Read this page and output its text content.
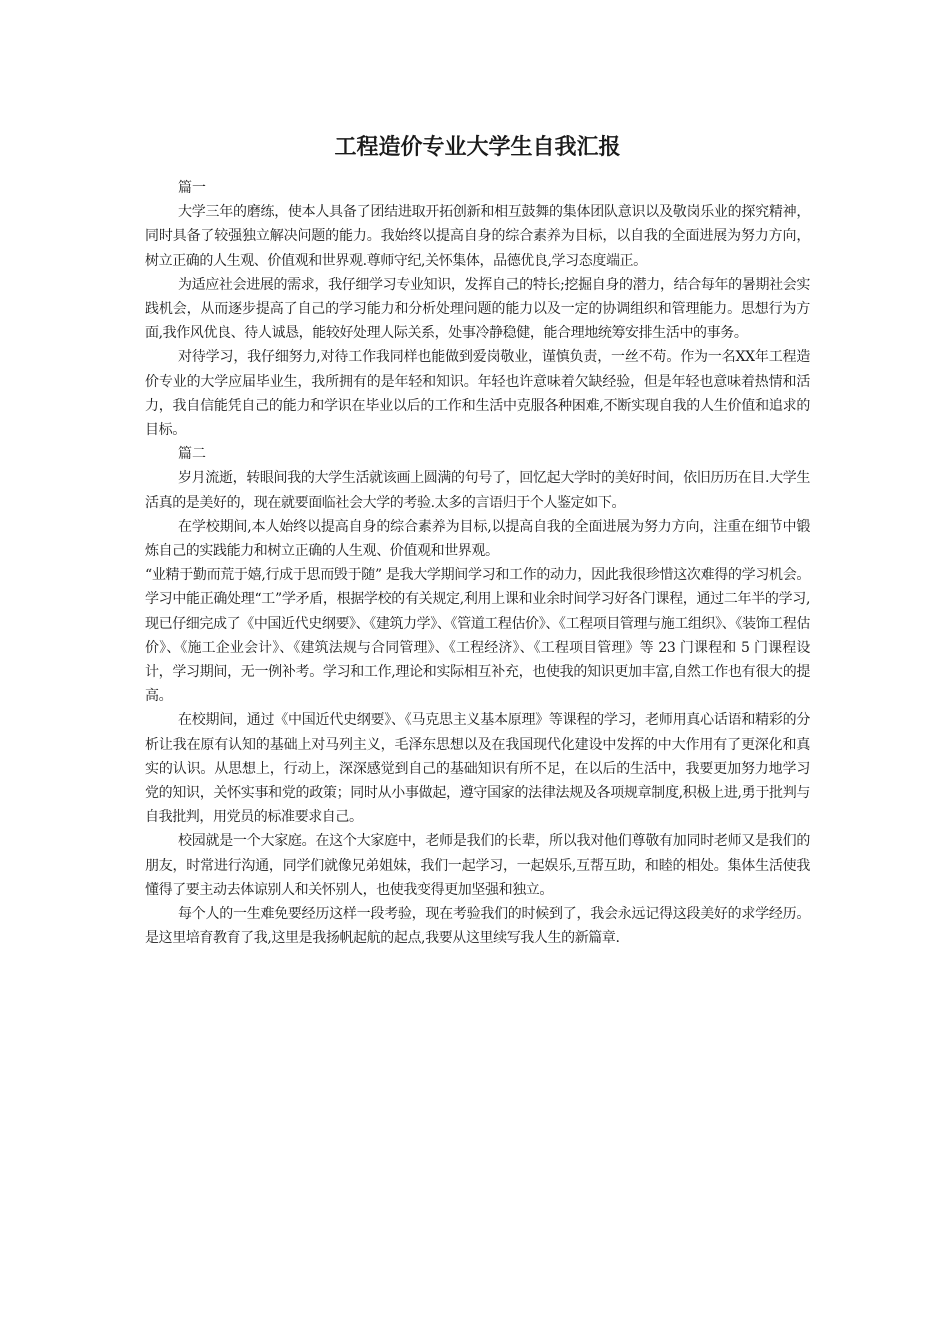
工程造价专业大学生自我汇报

篇一

大学三年的磨练，使本人具备了团结进取开拓创新和相互鼓舞的集体团队意识以及敬岗乐业的探究精神，同时具备了较强独立解决问题的能力。我始终以提高自身的综合素养为目标，以自我的全面进展为努力方向，树立正确的人生观、价值观和世界观.尊师守纪,关怀集体，品德优良,学习态度端正。

为适应社会进展的需求，我仔细学习专业知识，发挥自己的特长;挖掘自身的潜力，结合每年的暑期社会实践机会，从而逐步提高了自己的学习能力和分析处理问题的能力以及一定的协调组织和管理能力。思想行为方面,我作风优良、待人诚恳，能较好处理人际关系，处事冷静稳健，能合理地统筹安排生活中的事务。

对待学习，我仔细努力,对待工作我同样也能做到爱岗敬业，谨慎负责，一丝不苟。作为一名XX年工程造价专业的大学应届毕业生，我所拥有的是年轻和知识。年轻也许意味着欠缺经验，但是年轻也意味着热情和活力，我自信能凭自己的能力和学识在毕业以后的工作和生活中克服各种困难,不断实现自我的人生价值和追求的目标。

篇二

岁月流逝，转眼间我的大学生活就该画上圆满的句号了，回忆起大学时的美好时间，依旧历历在目.大学生活真的是美好的，现在就要面临社会大学的考验.太多的言语归于个人鉴定如下。

在学校期间,本人始终以提高自身的综合素养为目标,以提高自我的全面进展为努力方向，注重在细节中锻炼自己的实践能力和树立正确的人生观、价值观和世界观。

“业精于勤而荒于嬉,行成于思而毁于随” 是我大学期间学习和工作的动力，因此我很珍惜这次难得的学习机会。学习中能正确处理“工”学矛盾，根据学校的有关规定,利用上课和业余时间学习好各门课程，通过二年半的学习,现已仔细完成了《中国近代史纲要》、《建筑力学》、《管道工程估价》、《工程项目管理与施工组织》、《装饰工程估价》、《施工企业会计》、《建筑法规与合同管理》、《工程经济》、《工程项目管理》等 23 门课程和 5 门课程设计，学习期间，无一例补考。学习和工作,理论和实际相互补充，也使我的知识更加丰富,自然工作也有很大的提高。

在校期间，通过《中国近代史纲要》、《马克思主义基本原理》等课程的学习，老师用真心话语和精彩的分析让我在原有认知的基础上对马列主义，毛泽东思想以及在我国现代化建设中发挥的中大作用有了更深化和真实的认识。从思想上，行动上，深深感觉到自己的基础知识有所不足，在以后的生活中，我要更加努力地学习党的知识，关怀实事和党的政策；同时从小事做起，遵守国家的法律法规及各项规章制度,积极上进,勇于批判与自我批判，用党员的标准要求自己。

校园就是一个大家庭。在这个大家庭中，老师是我们的长辈，所以我对他们尊敬有加同时老师又是我们的朋友，时常进行沟通，同学们就像兄弟姐妹，我们一起学习，一起娱乐,互帮互助，和睦的相处。集体生活使我懂得了要主动去体谅别人和关怀别人，也使我变得更加坚强和独立。

每个人的一生难免要经历这样一段考验，现在考验我们的时候到了，我会永远记得这段美好的求学经历。是这里培育教育了我,这里是我扬帆起航的起点,我要从这里续写我人生的新篇章.
